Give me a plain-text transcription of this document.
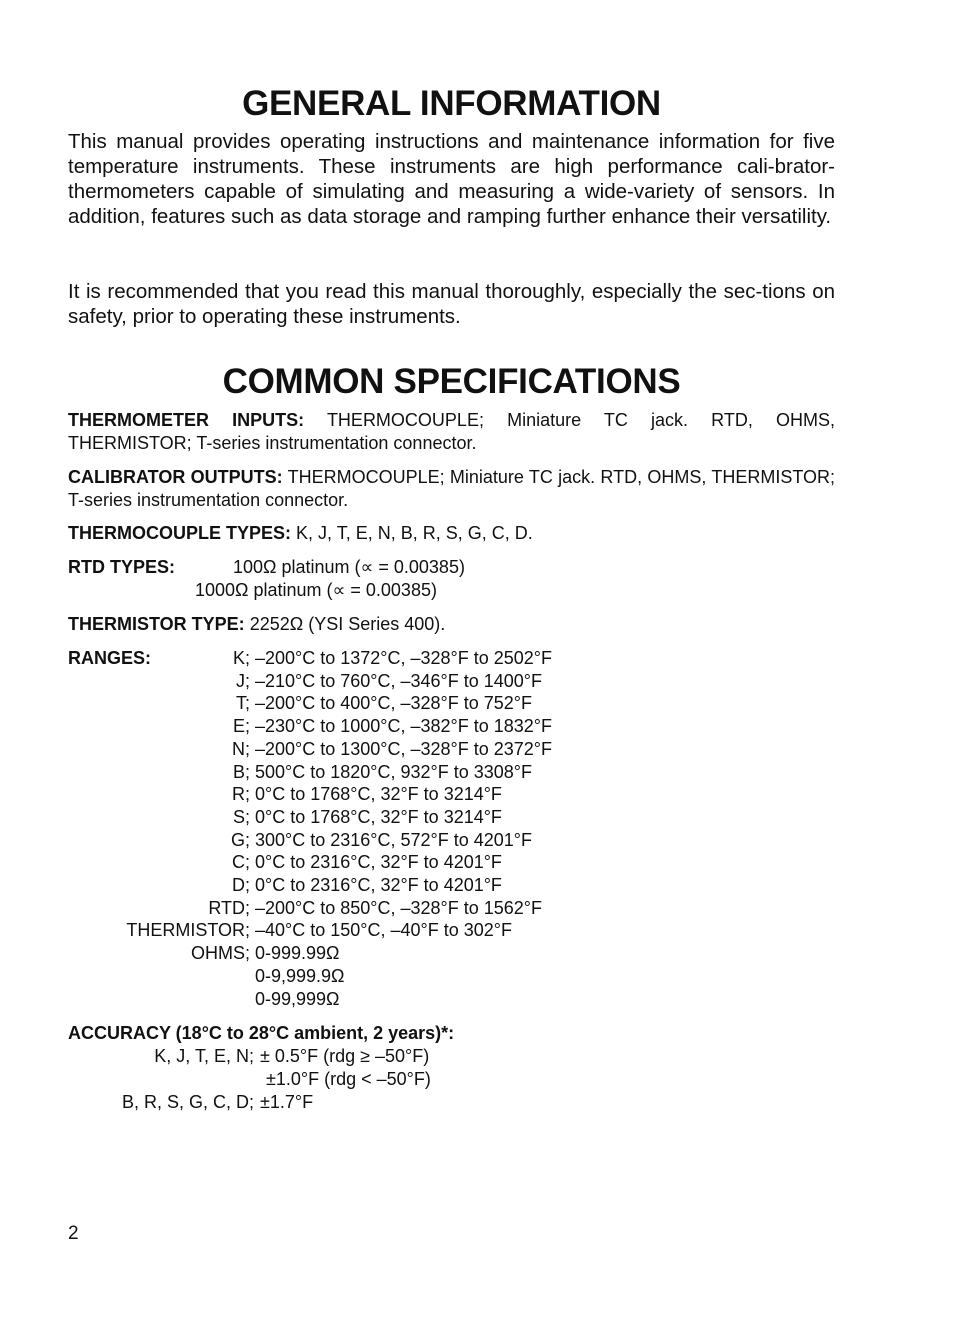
GENERAL INFORMATION

This manual provides operating instructions and maintenance information for five temperature instruments. These instruments are high performance cali-brator-thermometers capable of simulating and measuring a wide-variety of sensors. In addition, features such as data storage and ramping further enhance their versatility.

It is recommended that you read this manual thoroughly, especially the sec-tions on safety, prior to operating these instruments.

COMMON SPECIFICATIONS

THERMOMETER INPUTS: THERMOCOUPLE; Miniature TC jack. RTD, OHMS, THERMISTOR; T-series instrumentation connector.

CALIBRATOR OUTPUTS: THERMOCOUPLE; Miniature TC jack. RTD, OHMS, THERMISTOR; T-series instrumentation connector.

THERMOCOUPLE TYPES: K, J, T, E, N, B, R, S, G, C, D.

RTD TYPES:	100Ω platinum (∝ = 0.00385)
1000Ω platinum (∝ = 0.00385)

THERMISTOR TYPE: 2252Ω (YSI Series 400).

RANGES:	K; –200°C to 1372°C, –328°F to 2502°F
J; –210°C to 760°C, –346°F to 1400°F
T; –200°C to 400°C, –328°F to 752°F
E; –230°C to 1000°C, –382°F to 1832°F
N; –200°C to 1300°C, –328°F to 2372°F
B; 500°C to 1820°C, 932°F to 3308°F
R; 0°C to 1768°C, 32°F to 3214°F
S; 0°C to 1768°C, 32°F to 3214°F
G; 300°C to 2316°C, 572°F to 4201°F
C; 0°C to 2316°C, 32°F to 4201°F
D; 0°C to 2316°C, 32°F to 4201°F
RTD; –200°C to 850°C, –328°F to 1562°F
THERMISTOR; –40°C to 150°C, –40°F to 302°F
OHMS; 0-999.99Ω
0-9,999.9Ω
0-99,999Ω
ACCURACY (18°C to 28°C ambient, 2 years)*:
K, J, T, E, N; ± 0.5°F (rdg ≥ –50°F)
±1.0°F (rdg < –50°F)
B, R, S, G, C, D; ±1.7°F
2
